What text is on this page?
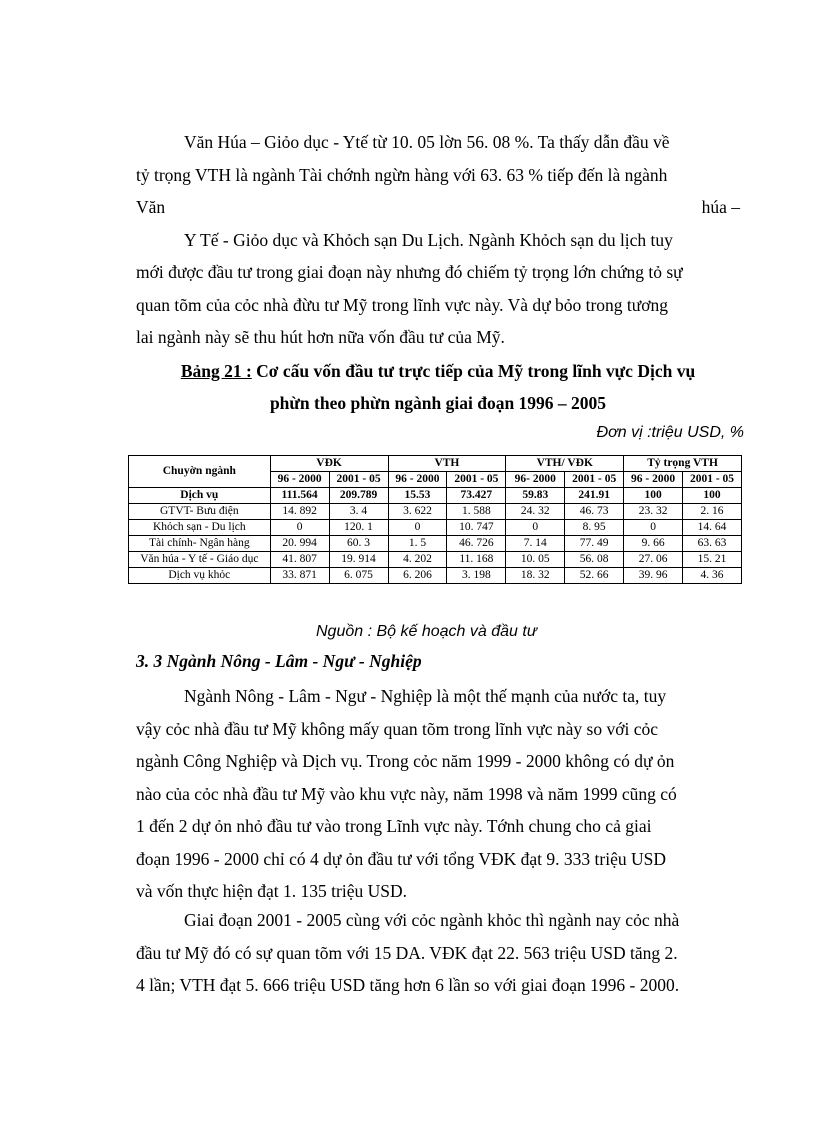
Văn Húa – Giỏo dục - Ytế từ 10. 05 lờn 56. 08 %. Ta thấy dẫn đầu về
tỷ trọng VTH là ngành Tài chớnh ngừn hàng với 63. 63 % tiếp đến là ngành
Văn	húa –
Y Tế - Giỏo dục và Khỏch sạn Du Lịch. Ngành Khỏch sạn du lịch tuy
mới được đầu tư trong giai đoạn này nhưng đó chiếm tỷ trọng lớn chứng tỏ sự
quan tõm của cỏc nhà đừu tư Mỹ trong lĩnh vực này. Và dự bỏo trong tương
lai ngành này sẽ thu hút hơn nữa vốn đầu tư của Mỹ.
Bảng 21 : Cơ cấu vốn đầu tư trực tiếp của Mỹ trong lĩnh vực Dịch vụ
phừn theo phừn ngành giai đoạn 1996 – 2005
Đơn vị :triệu USD, %
Chuyờn ngành	VĐK		VTH		VTH/ VĐK		Tỷ trọng VTH	
	96 - 2000	2001 - 05	96 - 2000	2001 - 05	96- 2000	2001 - 05	96 - 2000	2001 - 05
Dịch vụ	111.564	209.789	15.53	73.427	59.83	241.91	100	100
GTVT- Bưu điện	14. 892	3. 4	3. 622	1. 588	24. 32	46. 73	23. 32	2. 16
Khỏch sạn - Du lịch	0	120. 1	0	10. 747	0	8. 95	0	14. 64
Tài chính- Ngân hàng	20. 994	60. 3	1. 5	46. 726	7. 14	77. 49	9. 66	63. 63
Văn húa - Y tế - Giáo dục	41. 807	19. 914	4. 202	11. 168	10. 05	56. 08	27. 06	15. 21
Dịch vụ khỏc	33. 871	6. 075	6. 206	3. 198	18. 32	52. 66	39. 96	4. 36
Nguồn : Bộ kế hoạch và đầu tư

3. 3 Ngành Nông - Lâm - Ngư - Nghiệp

Ngành Nông - Lâm - Ngư - Nghiệp là một thế mạnh của nước ta, tuy
vậy cỏc nhà đầu tư Mỹ không mấy quan tõm trong lĩnh vực này so với cỏc
ngành Công Nghiệp và Dịch vụ. Trong cỏc năm 1999 - 2000 không có dự ỏn
nào của cỏc nhà đầu tư Mỹ vào khu vực này, năm 1998 và năm 1999 cũng có
1 đến 2 dự ỏn nhỏ đầu tư vào trong Lĩnh vực này. Tớnh chung cho cả giai
đoạn 1996 - 2000 chỉ có 4 dự ỏn đầu tư với tổng VĐK đạt 9. 333 triệu USD
và vốn thực hiện đạt 1. 135 triệu USD.
Giai đoạn 2001 - 2005 cùng với cỏc ngành khỏc thì ngành nay cỏc nhà
đầu tư Mỹ đó có sự quan tõm với 15 DA. VĐK đạt 22. 563 triệu USD tăng 2.
4 lần; VTH đạt 5. 666 triệu USD tăng hơn 6 lần so với giai đoạn 1996 - 2000.
